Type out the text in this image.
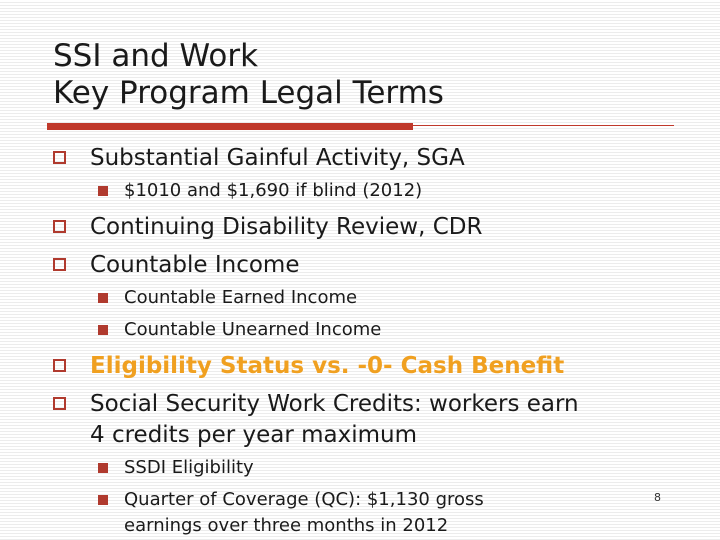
SSI and Work
Key Program Legal Terms
Substantial Gainful Activity, SGA
$1010 and $1,690 if blind (2012)
Continuing Disability Review, CDR
Countable Income
Countable Earned Income
Countable Unearned Income
Eligibility Status vs. -0- Cash Benefit
Social Security Work Credits: workers earn
4 credits per year maximum
SSDI Eligibility
Quarter of Coverage (QC): $1,130 gross
earnings over three months in 2012
8
